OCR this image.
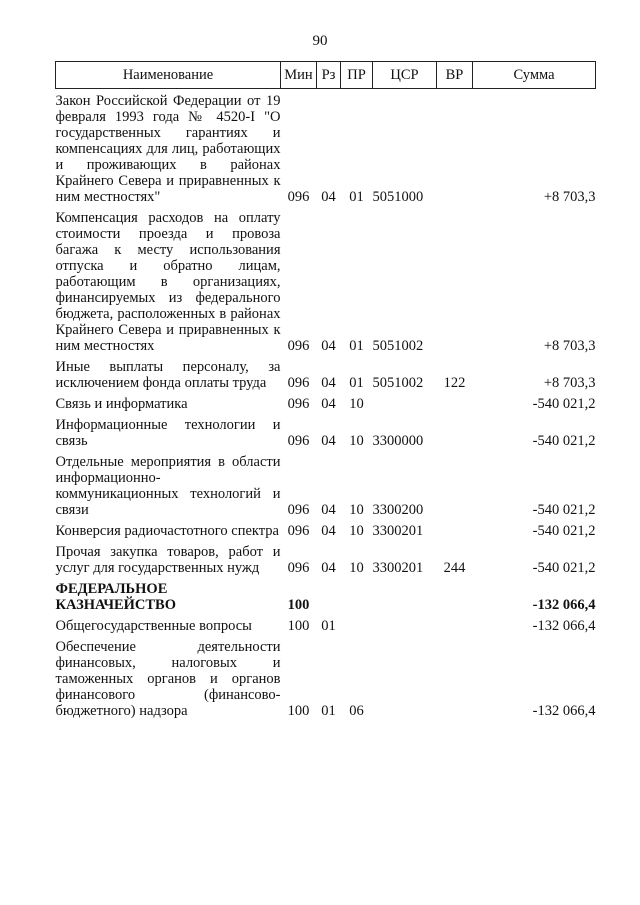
90
Наименование	Мин	Рз	ПР	ЦСР	ВР	Сумма
Закон Российской Федерации от 19 февраля 1993 года № 4520-I "О государственных гарантиях и компенсациях для лиц, работающих и проживающих в районах Крайнего Севера и приравненных к ним местностях"	096	04	01	5051000		+8 703,3
Компенсация расходов на оплату стоимости проезда и провоза багажа к месту использования отпуска и обратно лицам, работающим в организациях, финансируемых из федерального бюджета, расположенных в районах Крайнего Севера и приравненных к ним местностях	096	04	01	5051002		+8 703,3
Иные выплаты персоналу, за исключением фонда оплаты труда	096	04	01	5051002	122	+8 703,3
Связь и информатика	096	04	10			-540 021,2
Информационные технологии и связь	096	04	10	3300000		-540 021,2
Отдельные мероприятия в области информационно-коммуникационных технологий и связи	096	04	10	3300200		-540 021,2
Конверсия радиочастотного спектра	096	04	10	3300201		-540 021,2
Прочая закупка товаров, работ и услуг для государственных нужд	096	04	10	3300201	244	-540 021,2
ФЕДЕРАЛЬНОЕ КАЗНАЧЕЙСТВО	100					-132 066,4
Общегосударственные вопросы	100	01				-132 066,4
Обеспечение деятельности финансовых, налоговых и таможенных органов и органов финансового (финансово-бюджетного) надзора	100	01	06			-132 066,4
